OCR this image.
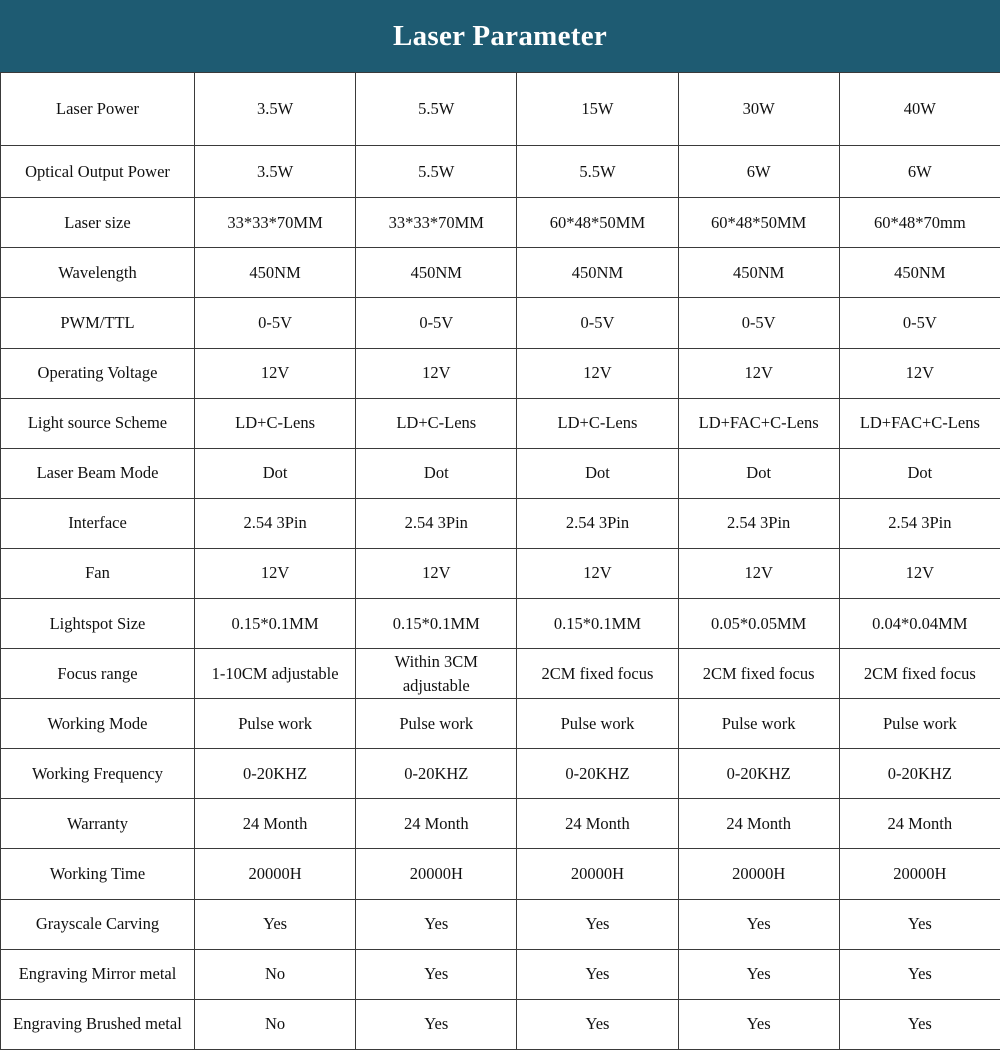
Laser Parameter
Laser Power	3.5W	5.5W	15W	30W	40W
Optical Output Power	3.5W	5.5W	5.5W	6W	6W
Laser size	33*33*70MM	33*33*70MM	60*48*50MM	60*48*50MM	60*48*70mm
Wavelength	450NM	450NM	450NM	450NM	450NM
PWM/TTL	0-5V	0-5V	0-5V	0-5V	0-5V
Operating Voltage	12V	12V	12V	12V	12V
Light source Scheme	LD+C-Lens	LD+C-Lens	LD+C-Lens	LD+FAC+C-Lens	LD+FAC+C-Lens
Laser Beam Mode	Dot	Dot	Dot	Dot	Dot
Interface	2.54 3Pin	2.54 3Pin	2.54 3Pin	2.54 3Pin	2.54 3Pin
Fan	12V	12V	12V	12V	12V
Lightspot Size	0.15*0.1MM	0.15*0.1MM	0.15*0.1MM	0.05*0.05MM	0.04*0.04MM
Focus range	1-10CM adjustable	Within 3CM adjustable	2CM fixed focus	2CM fixed focus	2CM fixed focus
Working Mode	Pulse work	Pulse work	Pulse work	Pulse work	Pulse work
Working Frequency	0-20KHZ	0-20KHZ	0-20KHZ	0-20KHZ	0-20KHZ
Warranty	24 Month	24 Month	24 Month	24 Month	24 Month
Working Time	20000H	20000H	20000H	20000H	20000H
Grayscale Carving	Yes	Yes	Yes	Yes	Yes
Engraving Mirror metal	No	Yes	Yes	Yes	Yes
Engraving Brushed metal	No	Yes	Yes	Yes	Yes
